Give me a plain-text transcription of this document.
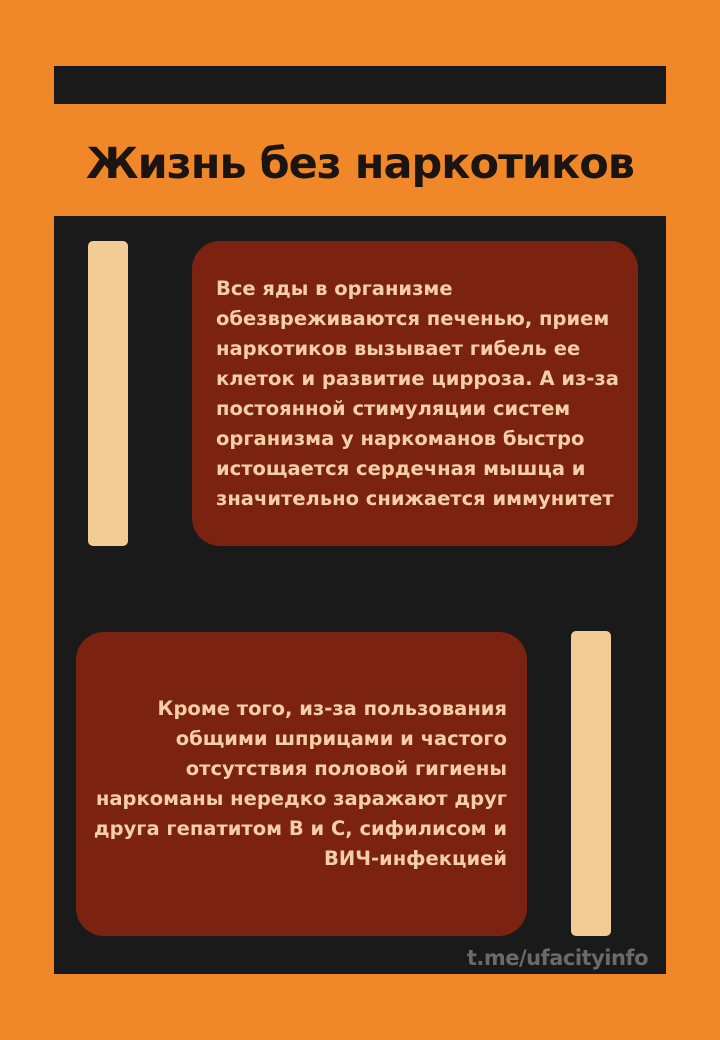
Жизнь без наркотиков

Все яды в организме обезвреживаются печенью, прием наркотиков вызывает гибель ее клеток и развитие цирроза. А из-за постоянной стимуляции систем организма у наркоманов быстро истощается сердечная мышца и значительно снижается иммунитет

Кроме того, из-за пользования общими шприцами и частого отсутствия половой гигиены наркоманы нередко заражают друг друга гепатитом В и С, сифилисом и ВИЧ-инфекцией

t.me/ufacityinfo
